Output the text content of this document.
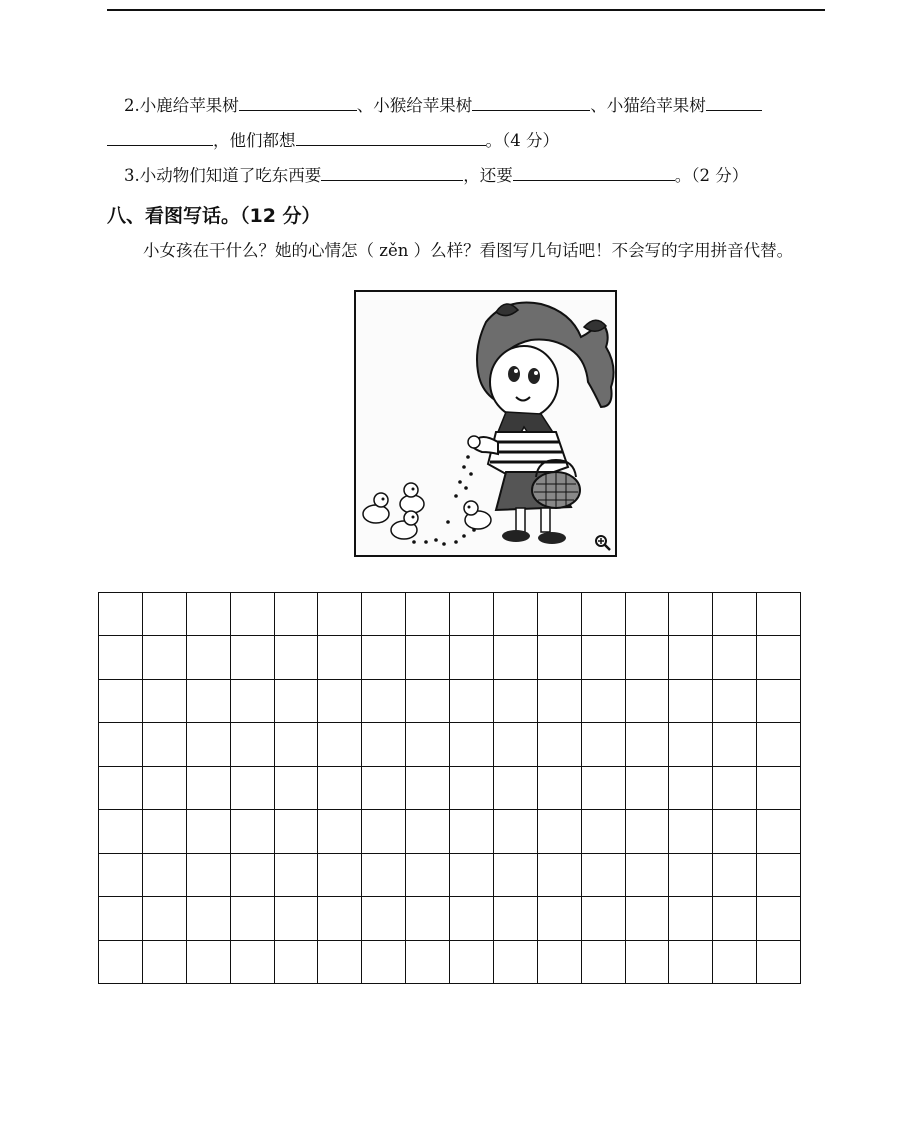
2.小鹿给苹果树	、小猴给苹果树	、小猫给苹果树
，他们都想	。（4 分）
3.小动物们知道了吃东西要	，还要	。（2 分）
八、看图写话。（12 分）
小女孩在干什么？她的心情怎（ zěn ）么样？看图写几句话吧！不会写的字用拼音代替。
